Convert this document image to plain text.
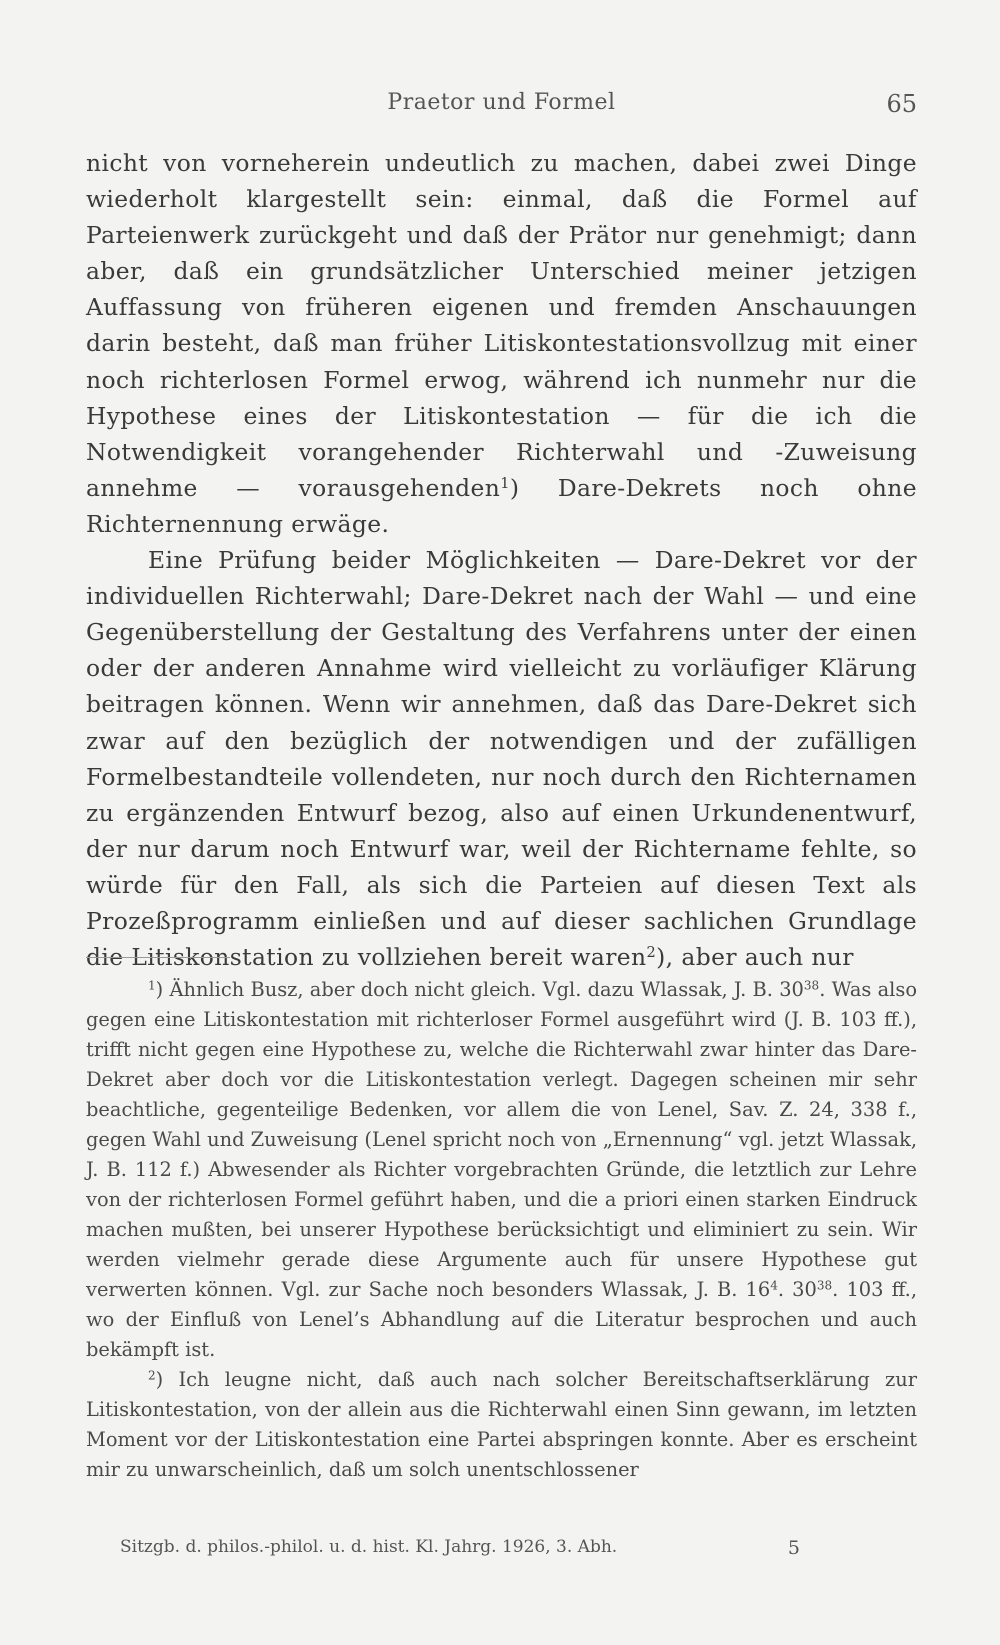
Praetor und Formel	65

nicht von vorneherein undeutlich zu machen, dabei zwei Dinge wiederholt klargestellt sein: einmal, daß die Formel auf Parteienwerk zurückgeht und daß der Prätor nur genehmigt; dann aber, daß ein grundsätzlicher Unterschied meiner jetzigen Auffassung von früheren eigenen und fremden Anschauungen darin besteht, daß man früher Litiskontestationsvollzug mit einer noch richterlosen Formel erwog, während ich nunmehr nur die Hypothese eines der Litiskontestation — für die ich die Notwendigkeit vorangehender Richterwahl und -Zuweisung annehme — vorausgehenden$^1$) Dare-Dekrets noch ohne Richternennung erwäge.

Eine Prüfung beider Möglichkeiten — Dare-Dekret vor der individuellen Richterwahl; Dare-Dekret nach der Wahl — und eine Gegenüberstellung der Gestaltung des Verfahrens unter der einen oder der anderen Annahme wird vielleicht zu vorläufiger Klärung beitragen können. Wenn wir annehmen, daß das Dare-Dekret sich zwar auf den bezüglich der notwendigen und der zufälligen Formelbestandteile vollendeten, nur noch durch den Richternamen zu ergänzenden Entwurf bezog, also auf einen Urkundenentwurf, der nur darum noch Entwurf war, weil der Richtername fehlte, so würde für den Fall, als sich die Parteien auf diesen Text als Prozeßprogramm einließen und auf dieser sachlichen Grundlage die Litiskonstation zu vollziehen bereit waren$^2$), aber auch nur

$^1$) Ähnlich Busz, aber doch nicht gleich. Vgl. dazu Wlassak, J. B. $30^{38}$. Was also gegen eine Litiskontestation mit richterloser Formel ausgeführt wird (J. B. 103 ff.), trifft nicht gegen eine Hypothese zu, welche die Richterwahl zwar hinter das Dare-Dekret aber doch vor die Litiskontestation verlegt. Dagegen scheinen mir sehr beachtliche, gegenteilige Bedenken, vor allem die von Lenel, Sav. Z. 24, 338 f., gegen Wahl und Zuweisung (Lenel spricht noch von „Ernennung“ vgl. jetzt Wlassak, J. B. 112 f.) Abwesender als Richter vorgebrachten Gründe, die letztlich zur Lehre von der richterlosen Formel geführt haben, und die a priori einen starken Eindruck machen mußten, bei unserer Hypothese berücksichtigt und eliminiert zu sein. Wir werden vielmehr gerade diese Argumente auch für unsere Hypothese gut verwerten können. Vgl. zur Sache noch besonders Wlassak, J. B. $16^4$. $30^{38}$. 103 ff., wo der Einfluß von Lenel’s Abhandlung auf die Literatur besprochen und auch bekämpft ist.

$^2$) Ich leugne nicht, daß auch nach solcher Bereitschaftserklärung zur Litiskontestation, von der allein aus die Richterwahl einen Sinn gewann, im letzten Moment vor der Litiskontestation eine Partei abspringen konnte. Aber es erscheint mir zu unwarscheinlich, daß um solch unentschlossener

Sitzgb. d. philos.-philol. u. d. hist. Kl. Jahrg. 1926, 3. Abh.	5
